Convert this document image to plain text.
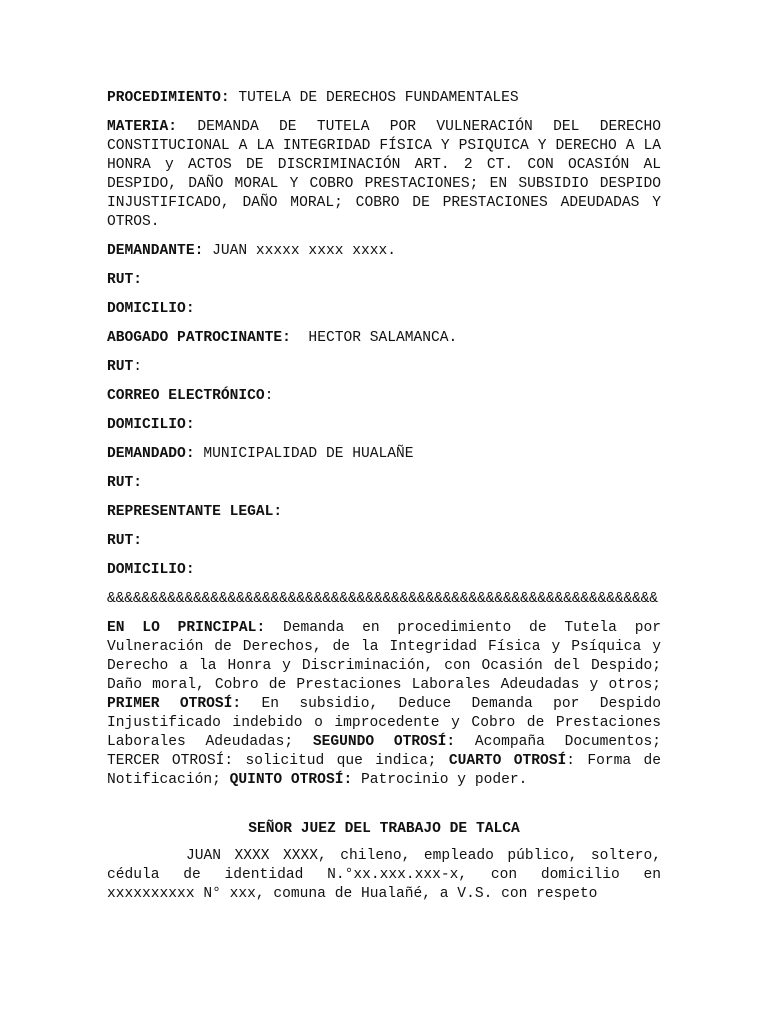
PROCEDIMIENTO: TUTELA DE DERECHOS FUNDAMENTALES

MATERIA: DEMANDA DE TUTELA POR VULNERACIÓN DEL DERECHO CONSTITUCIONAL A LA INTEGRIDAD FÍSICA Y PSIQUICA Y DERECHO A LA HONRA y ACTOS DE DISCRIMINACIÓN ART. 2 CT. CON OCASIÓN AL DESPIDO, DAÑO MORAL Y COBRO PRESTACIONES; EN SUBSIDIO DESPIDO INJUSTIFICADO, DAÑO MORAL; COBRO DE PRESTACIONES ADEUDADAS Y OTROS.

DEMANDANTE: JUAN xxxxx xxxx xxxx.

RUT:

DOMICILIO:

ABOGADO PATROCINANTE:  HECTOR SALAMANCA.

RUT:

CORREO ELECTRÓNICO:

DOMICILIO:

DEMANDADO: MUNICIPALIDAD DE HUALAÑE

RUT:

REPRESENTANTE LEGAL:

RUT:

DOMICILIO:

&&&&&&&&&&&&&&&&&&&&&&&&&&&&&&&&&&&&&&&&&&&&&&&&&&&&&&&&&&&&&&&&

EN LO PRINCIPAL: Demanda en procedimiento de Tutela por Vulneración de Derechos, de la Integridad Física y Psíquica y Derecho a la Honra y Discriminación, con Ocasión del Despido; Daño moral, Cobro de Prestaciones Laborales Adeudadas y otros; PRIMER OTROSÍ: En subsidio, Deduce Demanda por Despido Injustificado indebido o improcedente y Cobro de Prestaciones Laborales Adeudadas; SEGUNDO OTROSÍ: Acompaña Documentos; TERCER OTROSÍ: solicitud que indica; CUARTO OTROSÍ: Forma de Notificación; QUINTO OTROSÍ: Patrocinio y poder.

SEÑOR JUEZ DEL TRABAJO DE TALCA

JUAN XXXX XXXX, chileno, empleado público, soltero, cédula de identidad N.°xx.xxx.xxx-x, con domicilio en xxxxxxxxxx N° xxx, comuna de Hualañé, a V.S. con respeto
